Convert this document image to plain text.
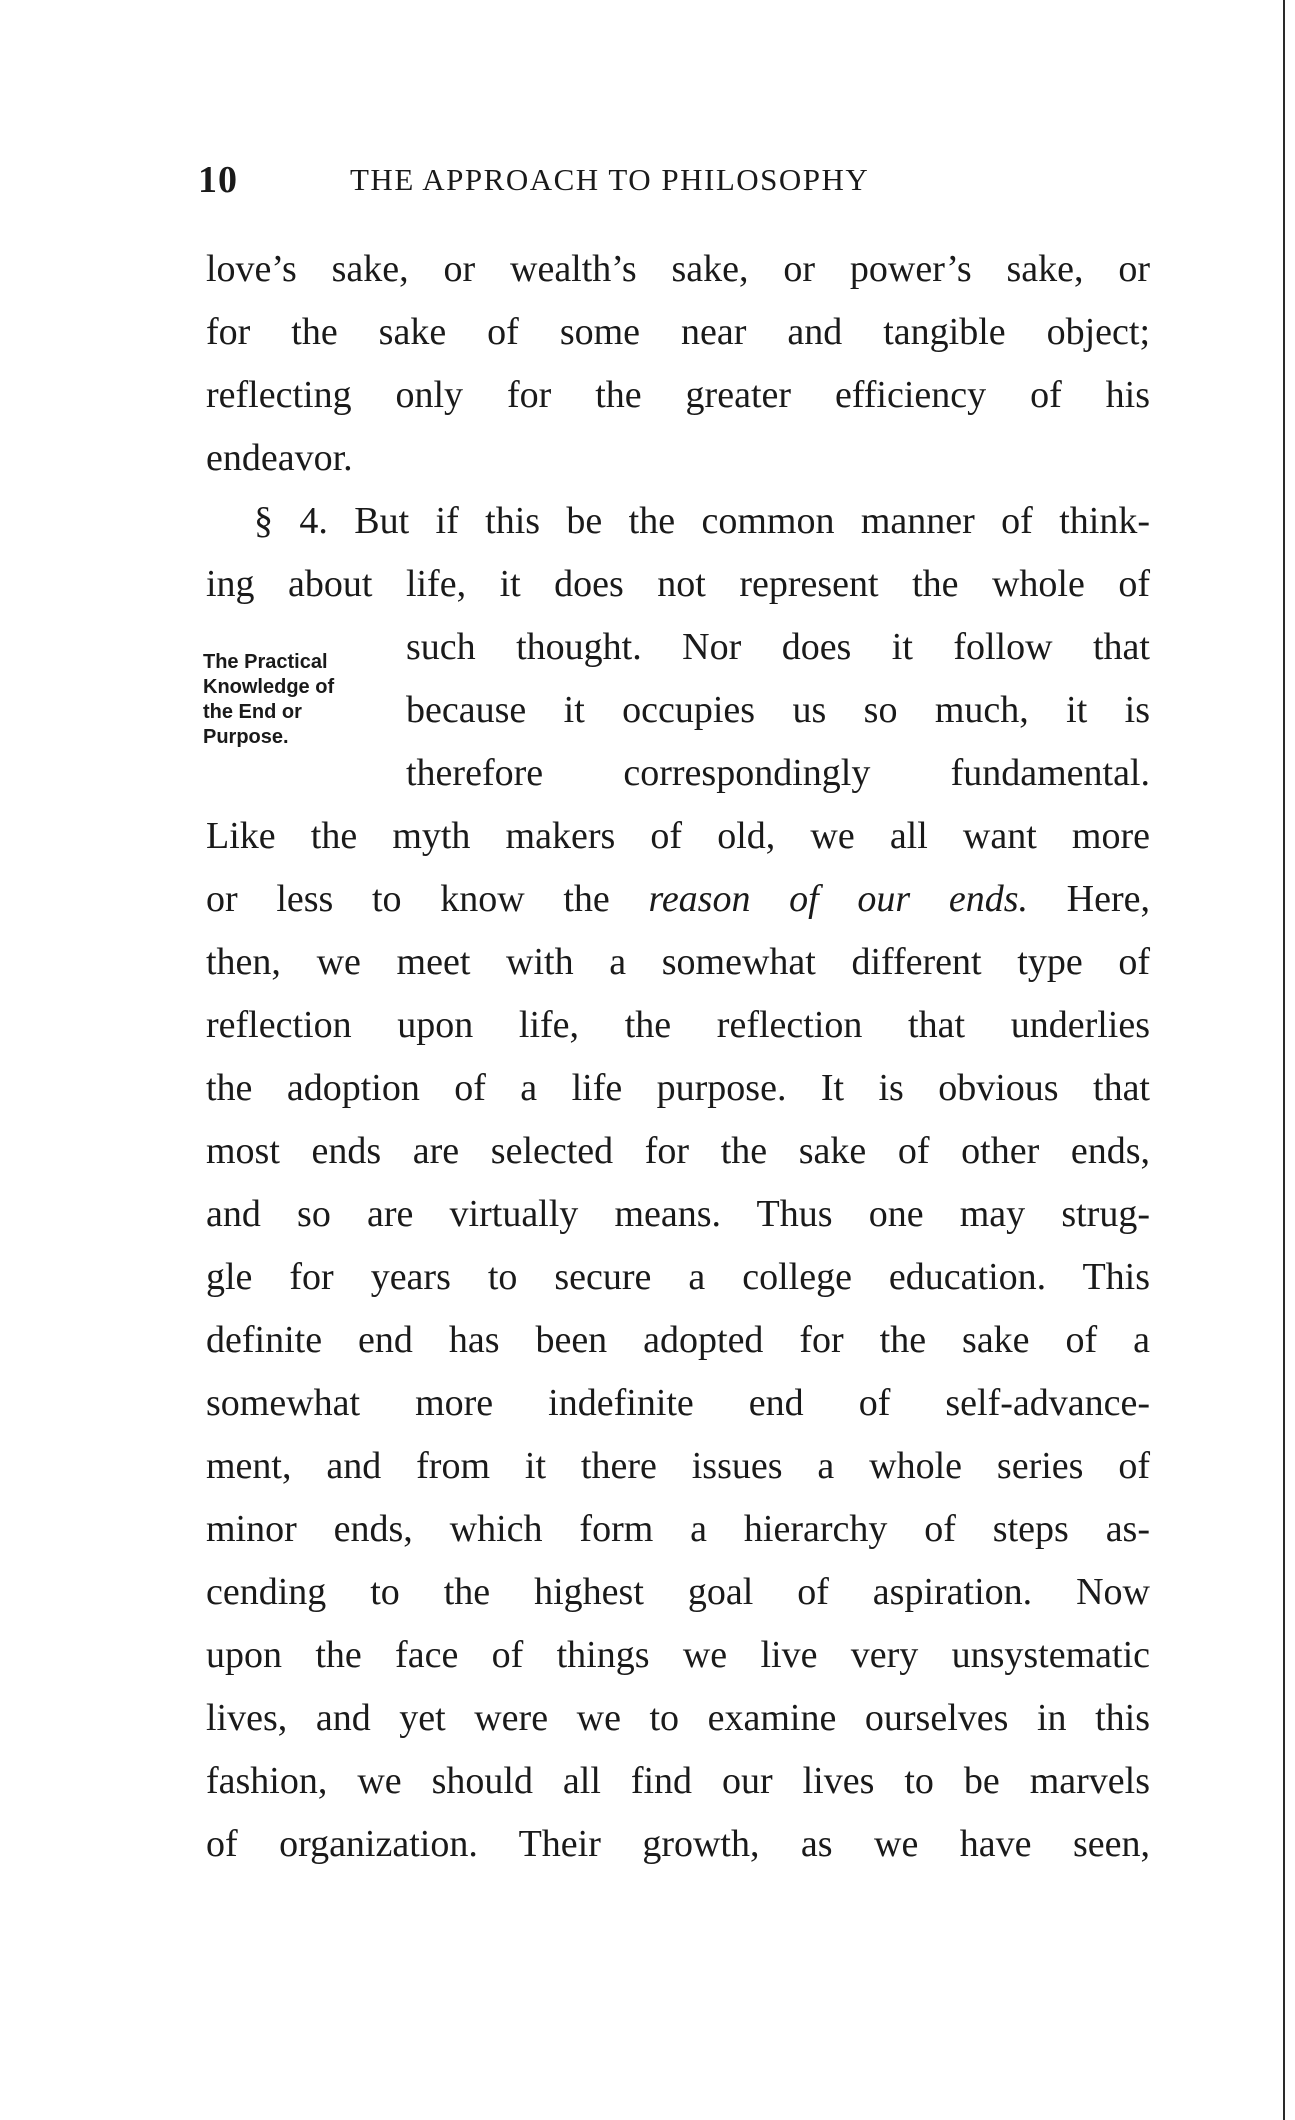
10	THE APPROACH TO PHILOSOPHY
The Practical
Knowledge of
the End or
Purpose.
love’s sake, or wealth’s sake, or power’s sake, or
for the sake of some near and tangible object;
reflecting only for the greater efficiency of his
endeavor.
§ 4. But if this be the common manner of think-
ing about life, it does not represent the whole of
such thought. Nor does it follow that
because it occupies us so much, it is
therefore correspondingly fundamental.
Like the myth makers of old, we all want more
or less to know the reason of our ends. Here,
then, we meet with a somewhat different type of
reflection upon life, the reflection that underlies
the adoption of a life purpose. It is obvious that
most ends are selected for the sake of other ends,
and so are virtually means. Thus one may strug-
gle for years to secure a college education. This
definite end has been adopted for the sake of a
somewhat more indefinite end of self-advance-
ment, and from it there issues a whole series of
minor ends, which form a hierarchy of steps as-
cending to the highest goal of aspiration. Now
upon the face of things we live very unsystematic
lives, and yet were we to examine ourselves in this
fashion, we should all find our lives to be marvels
of organization. Their growth, as we have seen,
